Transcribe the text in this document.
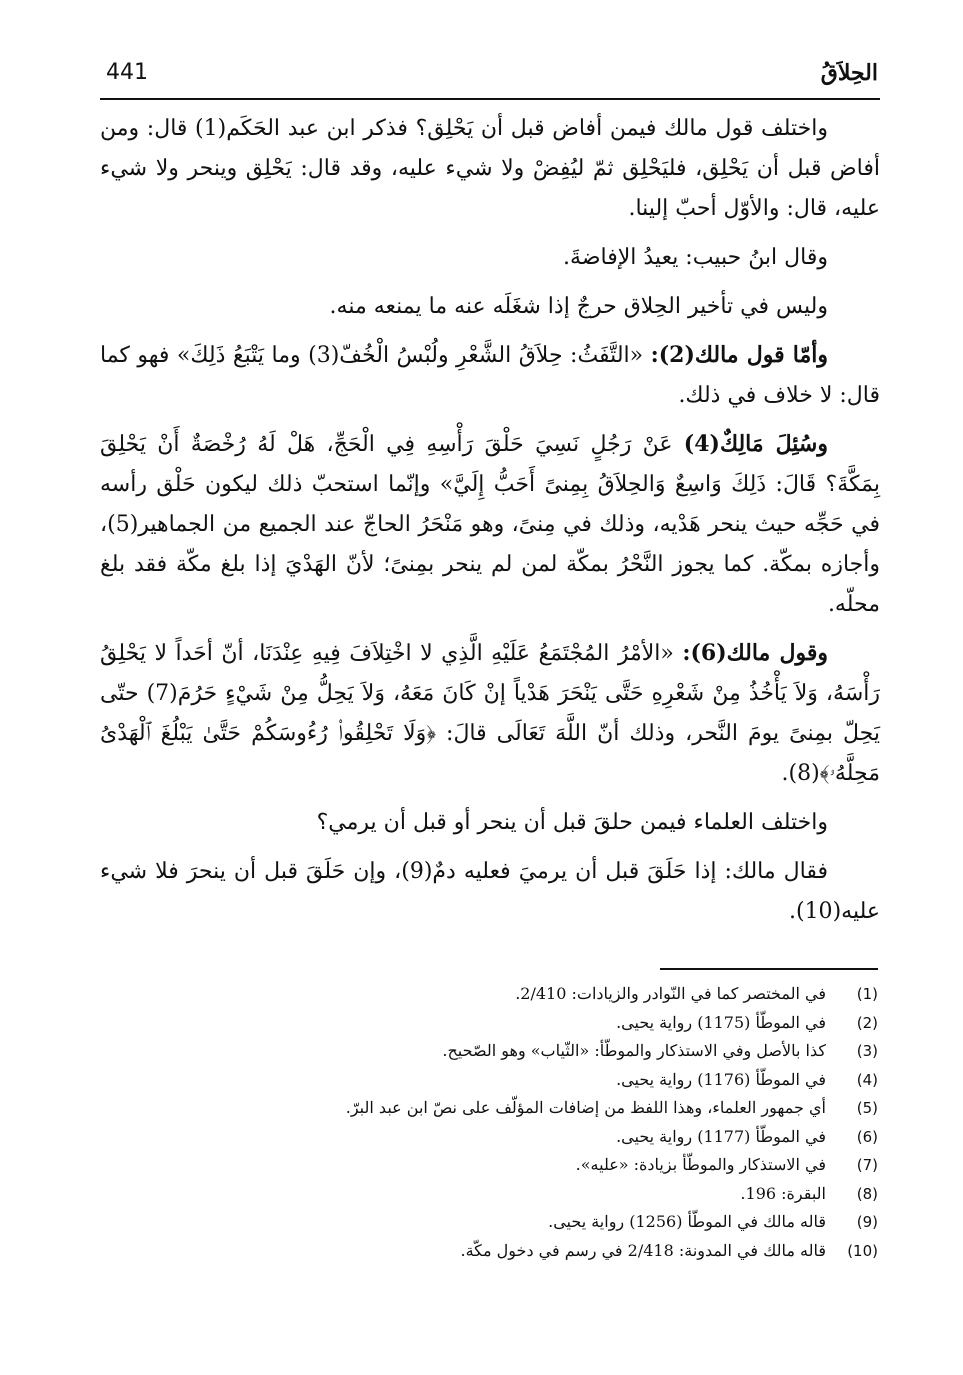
441	الحِلاَقُ

واختلف قول مالك فيمن أفاض قبل أن يَحْلِق؟ فذكر ابن عبد الحَكَم(1) قال: ومن أفاض قبل أن يَحْلِق، فليَحْلِق ثمّ ليُفِضْ ولا شيء عليه، وقد قال: يَحْلِق وينحر ولا شيء عليه، قال: والأوّل أحبّ إلينا.

وقال ابنُ حبيب: يعيدُ الإفاضةَ.

وليس في تأخير الحِلاق حرجٌ إذا شغَلَه عنه ما يمنعه منه.

وأمّا قول مالك(2): «التَّفَثُ: حِلاَقُ الشَّعْرِ ولُبْسُ الْخُفّ(3) وما يَتْبَعُ ذَلِكَ» فهو كما قال: لا خلاف في ذلك.

وسُئِلَ مَالِكٌ(4) عَنْ رَجُلٍ نَسِيَ حَلْقَ رَأْسِهِ فِي الْحَجِّ، هَلْ لَهُ رُخْصَةٌ أَنْ يَحْلِقَ بِمَكَّةَ؟ قَالَ: ذَلِكَ وَاسِعٌ وَالحِلاَقُ بِمِنىً أَحَبُّ إِلَيَّ» وإنّما استحبّ ذلك ليكون حَلْق رأسه في حَجِّه حيث ينحر هَدْيه، وذلك في مِنىً، وهو مَنْحَرُ الحاجّ عند الجميع من الجماهير(5)، وأجازه بمكّة. كما يجوز النَّحْرُ بمكّة لمن لم ينحر بمِنىً؛ لأنّ الهَدْيَ إذا بلغ مكّة فقد بلغ محلّه.

وقول مالك(6): «الأمْرُ المُجْتَمَعُ عَلَيْهِ الَّذِي لا اخْتِلاَفَ فِيهِ عِنْدَنَا، أنّ أحَداً لا يَحْلِقُ رَأْسَهُ، وَلاَ يَأْخُذُ مِنْ شَعْرِهِ حَتَّى يَنْحَرَ هَدْياً إنْ كَانَ مَعَهُ، وَلاَ يَحِلُّ مِنْ شَيْءٍ حَرُمَ(7) حتّى يَحِلّ بمِنىً يومَ النَّحر، وذلك أنّ اللَّهَ تَعَالَى قالَ: ﴿وَلَا تَحْلِقُوا۟ رُءُوسَكُمْ حَتَّىٰ يَبْلُغَ ٱلْهَدْىُ مَحِلَّهُۥ﴾(8).

واختلف العلماء فيمن حلقَ قبل أن ينحر أو قبل أن يرمي؟

فقال مالك: إذا حَلَقَ قبل أن يرميَ فعليه دمٌ(9)، وإن حَلَقَ قبل أن ينحرَ فلا شيء عليه(10).

(1)
في المختصر كما في النّوادر والزيادات: 2/410.
(2)
في الموطّأ (1175) رواية يحيى.
(3)
كذا بالأصل وفي الاستذكار والموطّأ: «الثّياب» وهو الصّحيح.
(4)
في الموطّأ (1176) رواية يحيى.
(5)
أي جمهور العلماء، وهذا اللفظ من إضافات المؤلّف على نصّ ابن عبد البرّ.
(6)
في الموطّأ (1177) رواية يحيى.
(7)
في الاستذكار والموطّأ بزيادة: «عليه».
(8)
البقرة: 196.
(9)
قاله مالك في الموطّأ (1256) رواية يحيى.
(10)
قاله مالك في المدونة: 2/418 في رسم في دخول مكّة.
